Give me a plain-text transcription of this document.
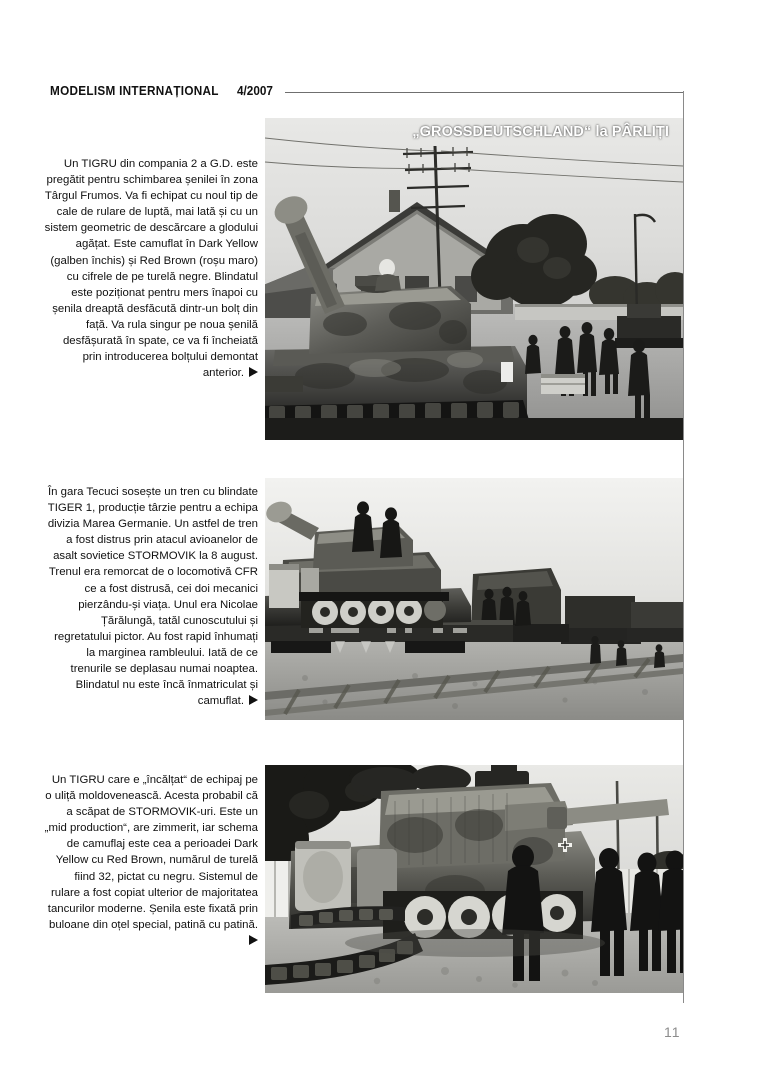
MODELISM INTERNAȚIONAL 4/2007
„GROSSDEUTSCHLAND“ la PÂRLIȚI

Un TIGRU din compania 2 a G.D. este pregătit pentru schimbarea șenilei în zona Târgul Frumos. Va fi echipat cu noul tip de cale de rulare de luptă, mai lată și cu un sistem geometric de descărcare a glodului agățat. Este camuflat în Dark Yellow (galben închis) și Red Brown (roșu maro) cu cifrele de pe turelă negre. Blindatul este poziționat pentru mers înapoi cu șenila dreaptă desfăcută dintr-un bolț din față. Va rula singur pe noua șenilă desfășurată în spate, ce va fi încheiată prin introducerea bolțului demontat anterior.

În gara Tecuci sosește un tren cu blindate TIGER 1, producție târzie pentru a echipa divizia Marea Germanie. Un astfel de tren a fost distrus prin atacul avioanelor de asalt sovietice STORMOVIK la 8 august. Trenul era remorcat de o locomotivă CFR ce a fost distrusă, cei doi mecanici pierzându-și viața. Unul era Nicolae Țărălungă, tatăl cunoscutului și regretatului pictor. Au fost rapid înhumați la marginea rambleului. Iată de ce trenurile se deplasau numai noaptea. Blindatul nu este încă înmatriculat și camuflat.

Un TIGRU care e „încălțat“ de echipaj pe o uliță moldovenească. Acesta probabil că a scăpat de STORMOVIK-uri. Este un „mid production“, are zimmerit, iar schema de camuflaj este cea a perioadei Dark Yellow cu Red Brown, numărul de turelă fiind 32, pictat cu negru. Sistemul de rulare a fost copiat ulterior de majoritatea tancurilor moderne. Șenila este fixată prin buloane din oțel special, patină cu patină.

11
